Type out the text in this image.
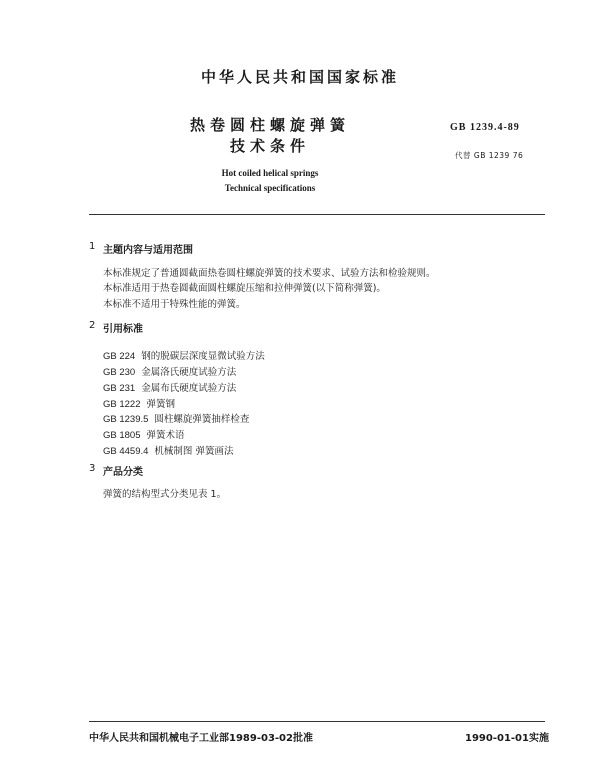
中华人民共和国国家标准
热卷圆柱螺旋弹簧
技术条件
Hot coiled helical springs
Technical specifications
GB 1239.4-89
代替 GB 1239 76
1 主题内容与适用范围
本标准规定了普通圆截面热卷圆柱螺旋弹簧的技术要求、试验方法和检验规则。
本标准适用于热卷圆截面圆柱螺旋压缩和拉伸弹簧(以下简称弹簧)。
本标准不适用于特殊性能的弹簧。
2 引用标准
GB 224 钢的脱碳层深度显微试验方法
GB 230 金属洛氏硬度试验方法
GB 231 金属布氏硬度试验方法
GB 1222 弹簧钢
GB 1239.5 圆柱螺旋弹簧抽样检查
GB 1805 弹簧术语
GB 4459.4 机械制图 弹簧画法
3 产品分类
弹簧的结构型式分类见表 1。
中华人民共和国机械电子工业部1989-03-02批准	1990-01-01实施
